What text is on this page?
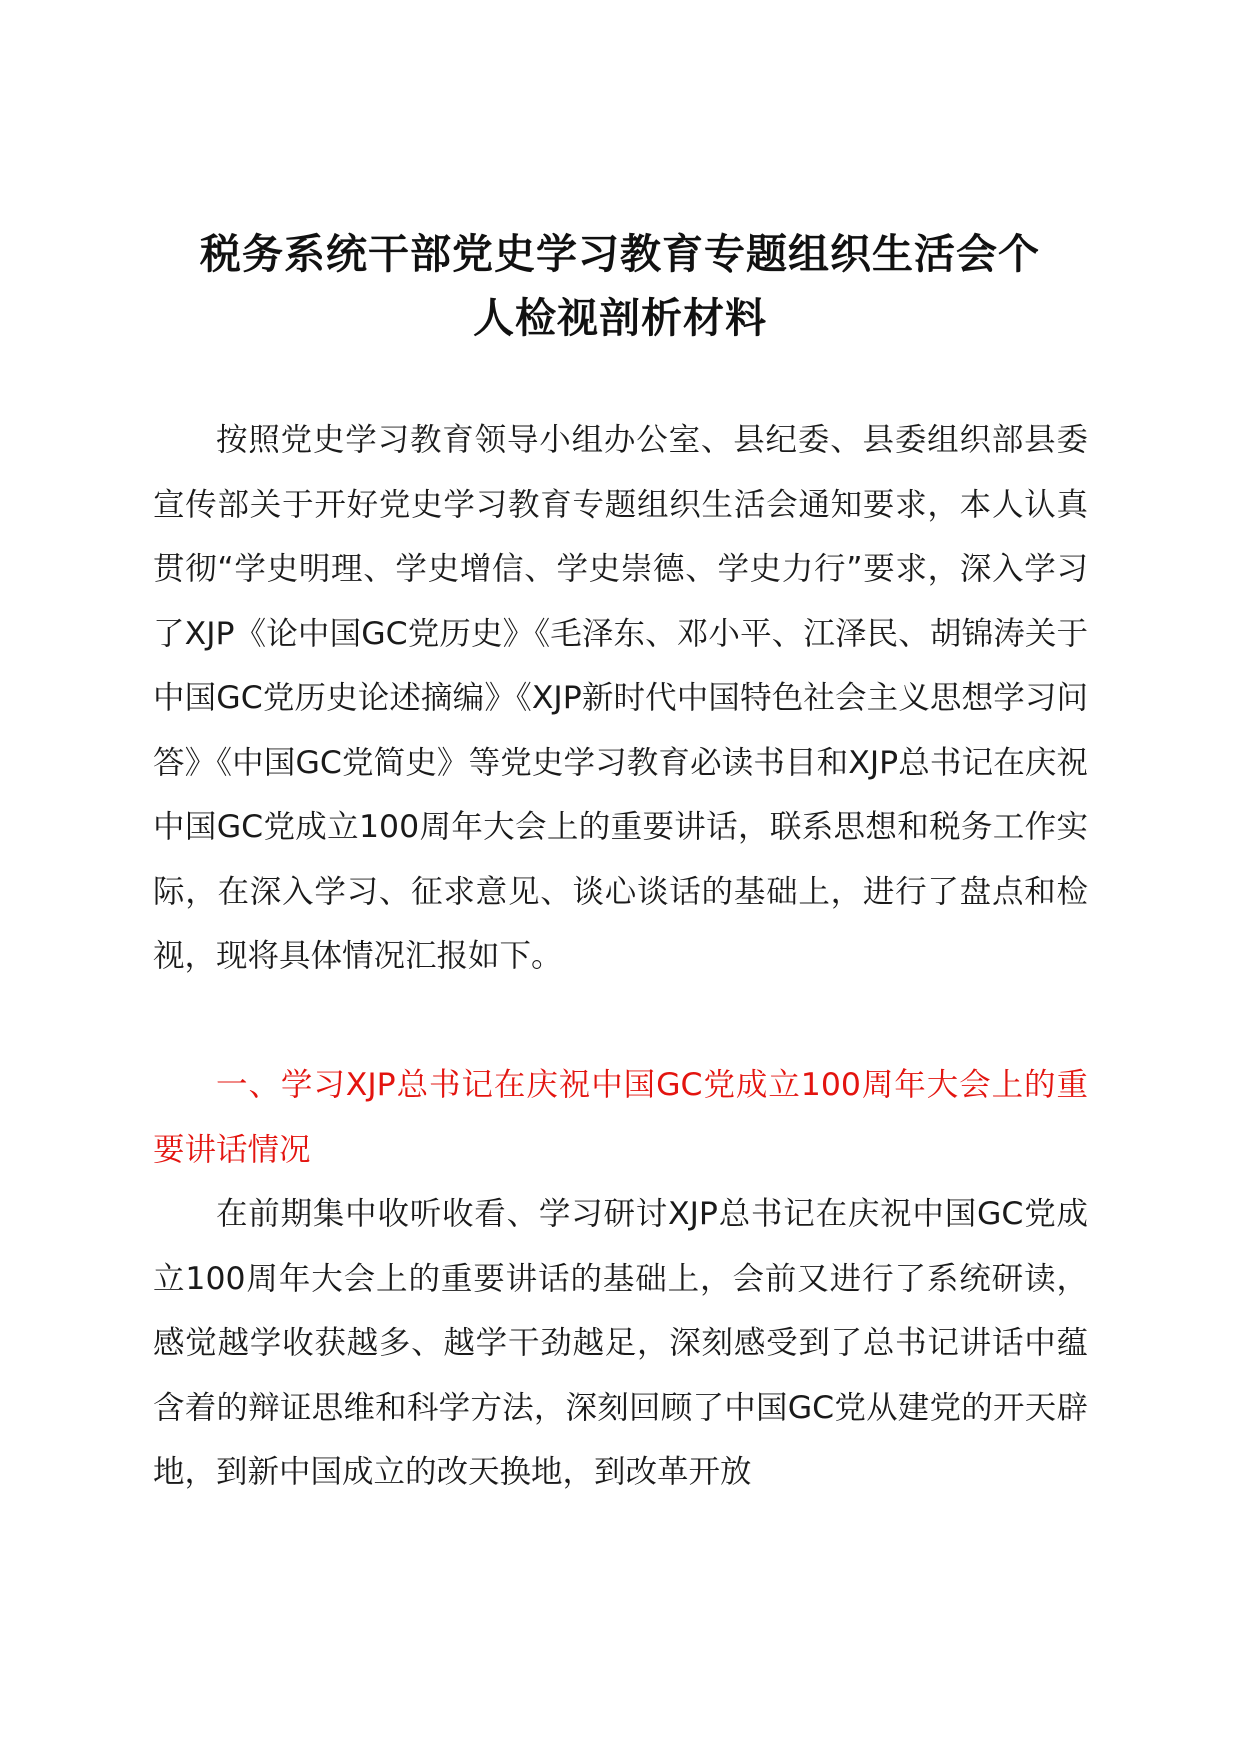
税务系统干部党史学习教育专题组织生活会个
人检视剖析材料

按照党史学习教育领导小组办公室、县纪委、县委组织部县委宣传部关于开好党史学习教育专题组织生活会通知要求，本人认真贯彻“学史明理、学史增信、学史崇德、学史力行”要求，深入学习了XJP《论中国GC党历史》《毛泽东、邓小平、江泽民、胡锦涛关于中国GC党历史论述摘编》《XJP新时代中国特色社会主义思想学习问答》《中国GC党简史》等党史学习教育必读书目和XJP总书记在庆祝中国GC党成立100周年大会上的重要讲话，联系思想和税务工作实际，在深入学习、征求意见、谈心谈话的基础上，进行了盘点和检视，现将具体情况汇报如下。

一、学习XJP总书记在庆祝中国GC党成立100周年大会上的重要讲话情况

在前期集中收听收看、学习研讨XJP总书记在庆祝中国GC党成立100周年大会上的重要讲话的基础上，会前又进行了系统研读，感觉越学收获越多、越学干劲越足，深刻感受到了总书记讲话中蕴含着的辩证思维和科学方法，深刻回顾了中国GC党从建党的开天辟地，到新中国成立的改天换地，到改革开放
